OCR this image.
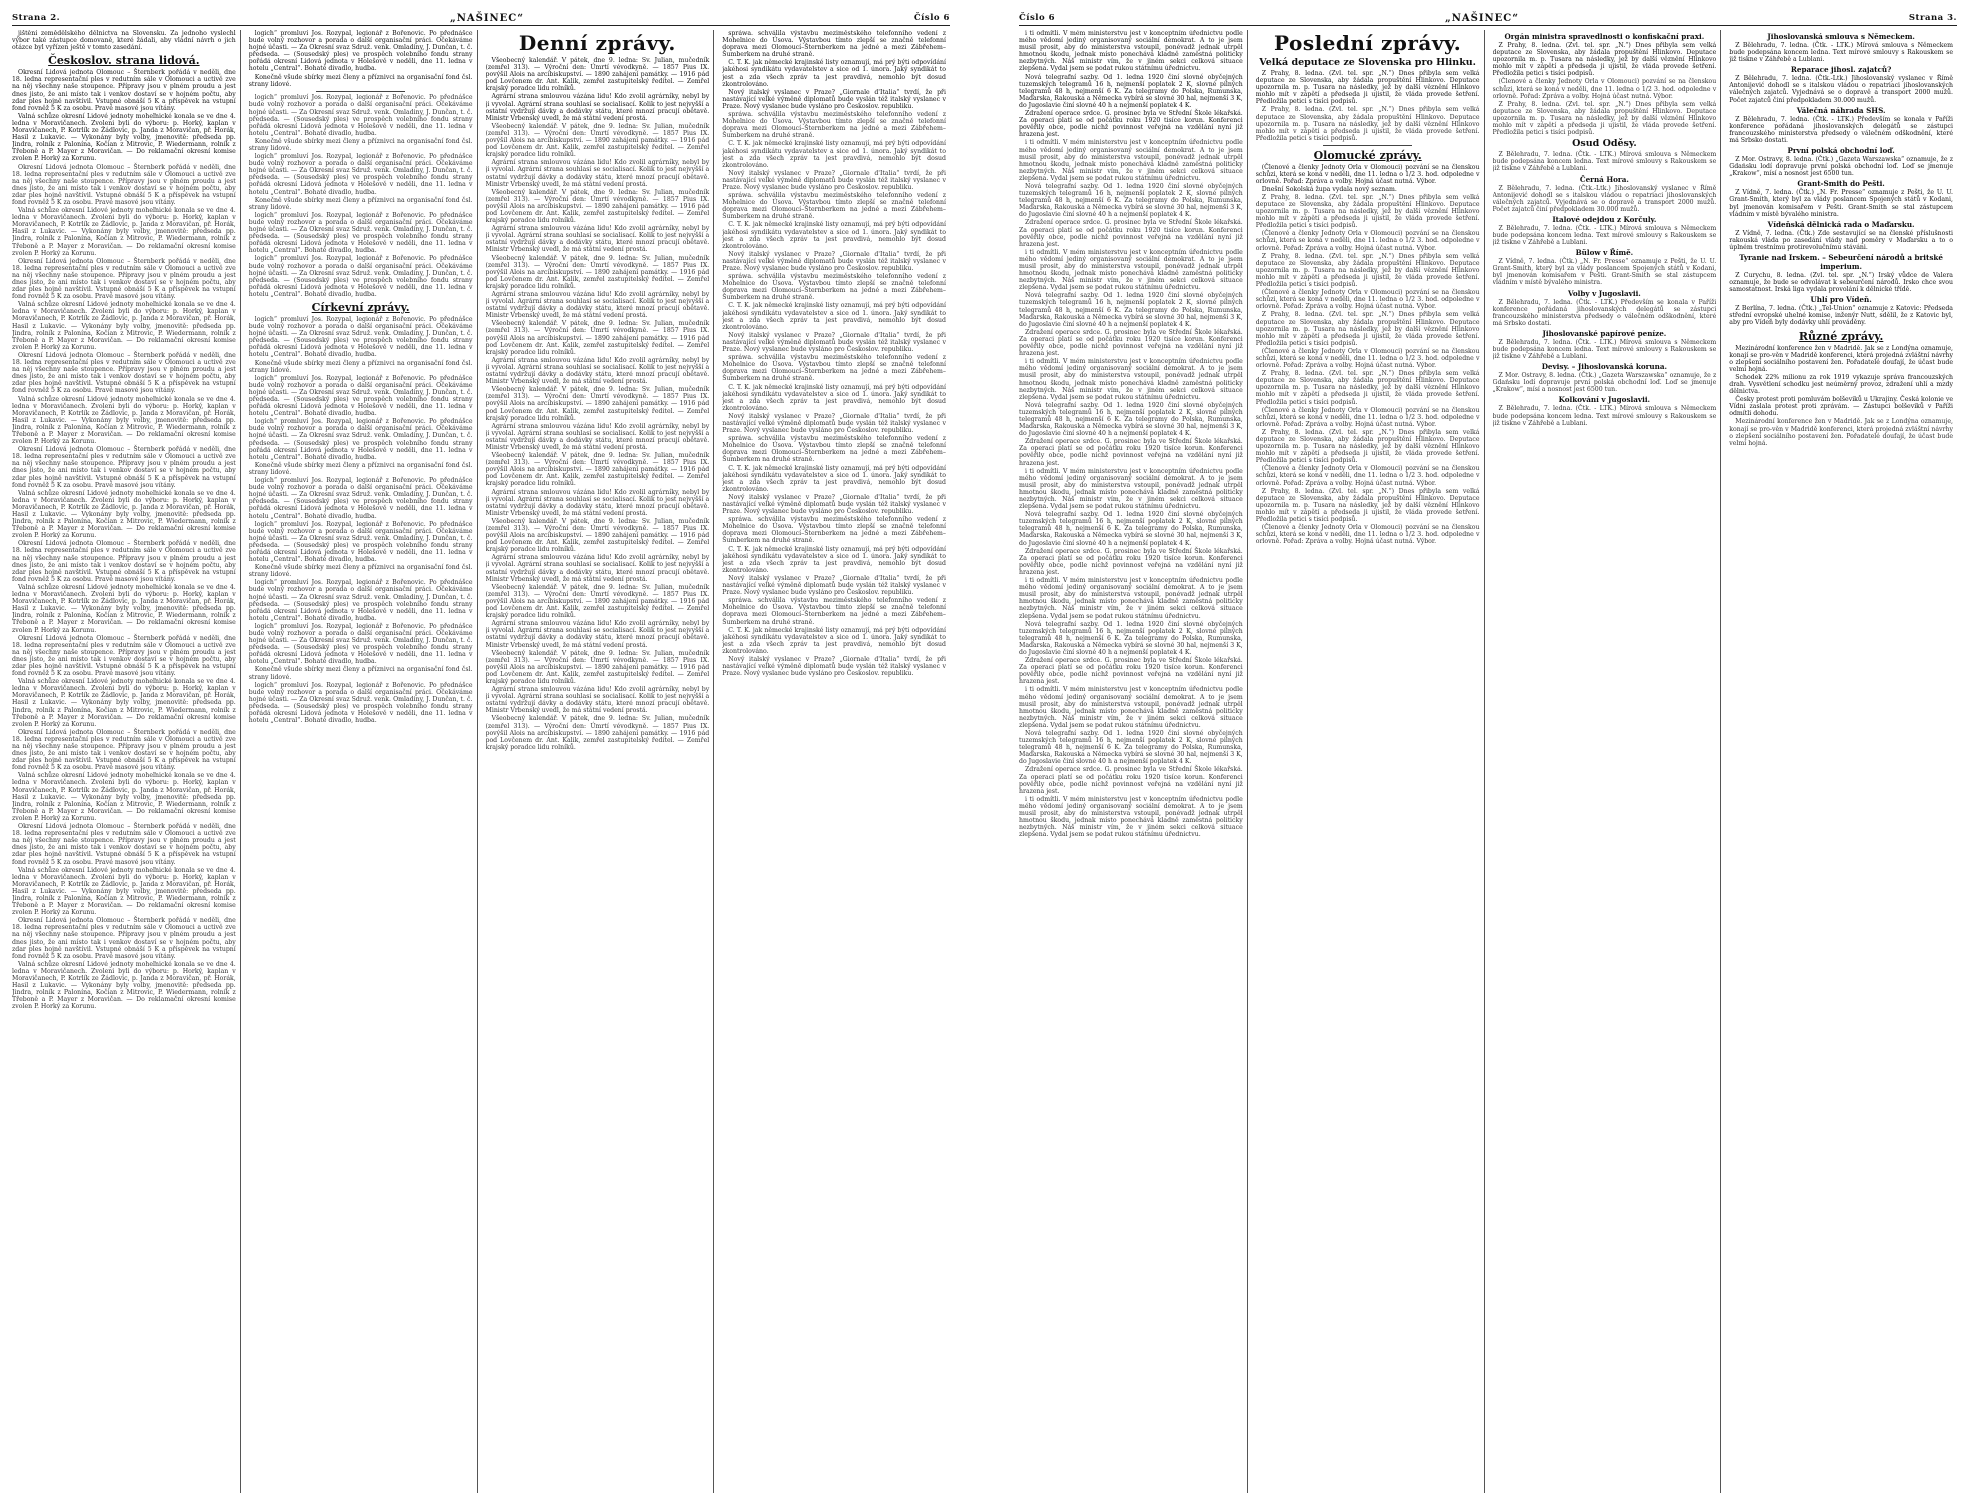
Strana 2.	„NAŠINEC“	Číslo 6

jištění zemědělského dělnictva na Slovensku. Za jednoho vyslechl výbor také zástupce domovaně, které žádali, aby vládní návrh o jich otázce byl vyřízen ještě v tomto zasedání.

Českoslov. strana lidová.

Okresní Lidová jednota Olomouc – Šternberk pořádá v neděli, dne 18. ledna representační ples v redutním sále v Olomouci a uctivě zve na něj všechny naše stoupence. Přípravy jsou v plném proudu a jest dnes jisto, že ani místo tak i venkov dostaví se v hojném počtu, aby zdar ples hojně navštívil. Vstupné obnáší 5 K a příspěvek na vstupní fond rovněž 5 K za osobu. Pravé masové jsou vítány.

Valná schůze okresní Lidové jednoty moheľnické konala se ve dne 4. ledna v Moravičanech. Zvoleni byli do výboru: p. Horký, kaplan v Moravičanech, P. Kotrlík ze Žádlovic, p. Janda z Moravičan, př. Horák, Hasil z Lukavic. — Vykonány byly volby, jmenovitě: předseda pp. Jindra, rolník z Palonína, Kočian z Mitrovic, P. Wiedermann, rolník z Třeboně a P. Mayer z Moravičan. — Do reklamační okresní komise zvolen P. Horký za Korunu.

Okresní Lidová jednota Olomouc – Šternberk pořádá v neděli, dne 18. ledna representační ples v redutním sále v Olomouci a uctivě zve na něj všechny naše stoupence. Přípravy jsou v plném proudu a jest dnes jisto, že ani místo tak i venkov dostaví se v hojném počtu, aby zdar ples hojně navštívil. Vstupné obnáší 5 K a příspěvek na vstupní fond rovněž 5 K za osobu. Pravé masové jsou vítány.

Valná schůze okresní Lidové jednoty moheľnické konala se ve dne 4. ledna v Moravičanech. Zvoleni byli do výboru: p. Horký, kaplan v Moravičanech, P. Kotrlík ze Žádlovic, p. Janda z Moravičan, př. Horák, Hasil z Lukavic. — Vykonány byly volby, jmenovitě: předseda pp. Jindra, rolník z Palonína, Kočian z Mitrovic, P. Wiedermann, rolník z Třeboně a P. Mayer z Moravičan. — Do reklamační okresní komise zvolen P. Horký za Korunu.

Okresní Lidová jednota Olomouc – Šternberk pořádá v neděli, dne 18. ledna representační ples v redutním sále v Olomouci a uctivě zve na něj všechny naše stoupence. Přípravy jsou v plném proudu a jest dnes jisto, že ani místo tak i venkov dostaví se v hojném počtu, aby zdar ples hojně navštívil. Vstupné obnáší 5 K a příspěvek na vstupní fond rovněž 5 K za osobu. Pravé masové jsou vítány.

Valná schůze okresní Lidové jednoty moheľnické konala se ve dne 4. ledna v Moravičanech. Zvoleni byli do výboru: p. Horký, kaplan v Moravičanech, P. Kotrlík ze Žádlovic, p. Janda z Moravičan, př. Horák, Hasil z Lukavic. — Vykonány byly volby, jmenovitě: předseda pp. Jindra, rolník z Palonína, Kočian z Mitrovic, P. Wiedermann, rolník z Třeboně a P. Mayer z Moravičan. — Do reklamační okresní komise zvolen P. Horký za Korunu.

Okresní Lidová jednota Olomouc – Šternberk pořádá v neděli, dne 18. ledna representační ples v redutním sále v Olomouci a uctivě zve na něj všechny naše stoupence. Přípravy jsou v plném proudu a jest dnes jisto, že ani místo tak i venkov dostaví se v hojném počtu, aby zdar ples hojně navštívil. Vstupné obnáší 5 K a příspěvek na vstupní fond rovněž 5 K za osobu. Pravé masové jsou vítány.

Valná schůze okresní Lidové jednoty moheľnické konala se ve dne 4. ledna v Moravičanech. Zvoleni byli do výboru: p. Horký, kaplan v Moravičanech, P. Kotrlík ze Žádlovic, p. Janda z Moravičan, př. Horák, Hasil z Lukavic. — Vykonány byly volby, jmenovitě: předseda pp. Jindra, rolník z Palonína, Kočian z Mitrovic, P. Wiedermann, rolník z Třeboně a P. Mayer z Moravičan. — Do reklamační okresní komise zvolen P. Horký za Korunu.

Okresní Lidová jednota Olomouc – Šternberk pořádá v neděli, dne 18. ledna representační ples v redutním sále v Olomouci a uctivě zve na něj všechny naše stoupence. Přípravy jsou v plném proudu a jest dnes jisto, že ani místo tak i venkov dostaví se v hojném počtu, aby zdar ples hojně navštívil. Vstupné obnáší 5 K a příspěvek na vstupní fond rovněž 5 K za osobu. Pravé masové jsou vítány.

Valná schůze okresní Lidové jednoty moheľnické konala se ve dne 4. ledna v Moravičanech. Zvoleni byli do výboru: p. Horký, kaplan v Moravičanech, P. Kotrlík ze Žádlovic, p. Janda z Moravičan, př. Horák, Hasil z Lukavic. — Vykonány byly volby, jmenovitě: předseda pp. Jindra, rolník z Palonína, Kočian z Mitrovic, P. Wiedermann, rolník z Třeboně a P. Mayer z Moravičan. — Do reklamační okresní komise zvolen P. Horký za Korunu.

Okresní Lidová jednota Olomouc – Šternberk pořádá v neděli, dne 18. ledna representační ples v redutním sále v Olomouci a uctivě zve na něj všechny naše stoupence. Přípravy jsou v plném proudu a jest dnes jisto, že ani místo tak i venkov dostaví se v hojném počtu, aby zdar ples hojně navštívil. Vstupné obnáší 5 K a příspěvek na vstupní fond rovněž 5 K za osobu. Pravé masové jsou vítány.

Valná schůze okresní Lidové jednoty moheľnické konala se ve dne 4. ledna v Moravičanech. Zvoleni byli do výboru: p. Horký, kaplan v Moravičanech, P. Kotrlík ze Žádlovic, p. Janda z Moravičan, př. Horák, Hasil z Lukavic. — Vykonány byly volby, jmenovitě: předseda pp. Jindra, rolník z Palonína, Kočian z Mitrovic, P. Wiedermann, rolník z Třeboně a P. Mayer z Moravičan. — Do reklamační okresní komise zvolen P. Horký za Korunu.

Okresní Lidová jednota Olomouc – Šternberk pořádá v neděli, dne 18. ledna representační ples v redutním sále v Olomouci a uctivě zve na něj všechny naše stoupence. Přípravy jsou v plném proudu a jest dnes jisto, že ani místo tak i venkov dostaví se v hojném počtu, aby zdar ples hojně navštívil. Vstupné obnáší 5 K a příspěvek na vstupní fond rovněž 5 K za osobu. Pravé masové jsou vítány.

Valná schůze okresní Lidové jednoty moheľnické konala se ve dne 4. ledna v Moravičanech. Zvoleni byli do výboru: p. Horký, kaplan v Moravičanech, P. Kotrlík ze Žádlovic, p. Janda z Moravičan, př. Horák, Hasil z Lukavic. — Vykonány byly volby, jmenovitě: předseda pp. Jindra, rolník z Palonína, Kočian z Mitrovic, P. Wiedermann, rolník z Třeboně a P. Mayer z Moravičan. — Do reklamační okresní komise zvolen P. Horký za Korunu.

Okresní Lidová jednota Olomouc – Šternberk pořádá v neděli, dne 18. ledna representační ples v redutním sále v Olomouci a uctivě zve na něj všechny naše stoupence. Přípravy jsou v plném proudu a jest dnes jisto, že ani místo tak i venkov dostaví se v hojném počtu, aby zdar ples hojně navštívil. Vstupné obnáší 5 K a příspěvek na vstupní fond rovněž 5 K za osobu. Pravé masové jsou vítány.

Valná schůze okresní Lidové jednoty moheľnické konala se ve dne 4. ledna v Moravičanech. Zvoleni byli do výboru: p. Horký, kaplan v Moravičanech, P. Kotrlík ze Žádlovic, p. Janda z Moravičan, př. Horák, Hasil z Lukavic. — Vykonány byly volby, jmenovitě: předseda pp. Jindra, rolník z Palonína, Kočian z Mitrovic, P. Wiedermann, rolník z Třeboně a P. Mayer z Moravičan. — Do reklamační okresní komise zvolen P. Horký za Korunu.

Okresní Lidová jednota Olomouc – Šternberk pořádá v neděli, dne 18. ledna representační ples v redutním sále v Olomouci a uctivě zve na něj všechny naše stoupence. Přípravy jsou v plném proudu a jest dnes jisto, že ani místo tak i venkov dostaví se v hojném počtu, aby zdar ples hojně navštívil. Vstupné obnáší 5 K a příspěvek na vstupní fond rovněž 5 K za osobu. Pravé masové jsou vítány.

Valná schůze okresní Lidové jednoty moheľnické konala se ve dne 4. ledna v Moravičanech. Zvoleni byli do výboru: p. Horký, kaplan v Moravičanech, P. Kotrlík ze Žádlovic, p. Janda z Moravičan, př. Horák, Hasil z Lukavic. — Vykonány byly volby, jmenovitě: předseda pp. Jindra, rolník z Palonína, Kočian z Mitrovic, P. Wiedermann, rolník z Třeboně a P. Mayer z Moravičan. — Do reklamační okresní komise zvolen P. Horký za Korunu.

Okresní Lidová jednota Olomouc – Šternberk pořádá v neděli, dne 18. ledna representační ples v redutním sále v Olomouci a uctivě zve na něj všechny naše stoupence. Přípravy jsou v plném proudu a jest dnes jisto, že ani místo tak i venkov dostaví se v hojném počtu, aby zdar ples hojně navštívil. Vstupné obnáší 5 K a příspěvek na vstupní fond rovněž 5 K za osobu. Pravé masové jsou vítány.

Valná schůze okresní Lidové jednoty moheľnické konala se ve dne 4. ledna v Moravičanech. Zvoleni byli do výboru: p. Horký, kaplan v Moravičanech, P. Kotrlík ze Žádlovic, p. Janda z Moravičan, př. Horák, Hasil z Lukavic. — Vykonány byly volby, jmenovitě: předseda pp. Jindra, rolník z Palonína, Kočian z Mitrovic, P. Wiedermann, rolník z Třeboně a P. Mayer z Moravičan. — Do reklamační okresní komise zvolen P. Horký za Korunu.

logich“ promluví Jos. Rozypal, legionář z Bořenovic. Po přednášce bude volný rozhovor a porada o další organisační práci. Očekáváme hojné účasti. — Za Okresní svaz Sdruž. venk. Omladiny, J. Dunčan, t. č. předseda. — (Sousedský ples) ve prospěch volebního fondu strany pořádá okresní Lidová jednota v Holešově v neděli, dne 11. ledna v hotelu „Central“. Bohaté divadlo, hudba.

Konečně všude sbírky mezi členy a příznivci na organisační fond čsl. strany lidové.

logich“ promluví Jos. Rozypal, legionář z Bořenovic. Po přednášce bude volný rozhovor a porada o další organisační práci. Očekáváme hojné účasti. — Za Okresní svaz Sdruž. venk. Omladiny, J. Dunčan, t. č. předseda. — (Sousedský ples) ve prospěch volebního fondu strany pořádá okresní Lidová jednota v Holešově v neděli, dne 11. ledna v hotelu „Central“. Bohaté divadlo, hudba.

Konečně všude sbírky mezi členy a příznivci na organisační fond čsl. strany lidové.

logich“ promluví Jos. Rozypal, legionář z Bořenovic. Po přednášce bude volný rozhovor a porada o další organisační práci. Očekáváme hojné účasti. — Za Okresní svaz Sdruž. venk. Omladiny, J. Dunčan, t. č. předseda. — (Sousedský ples) ve prospěch volebního fondu strany pořádá okresní Lidová jednota v Holešově v neděli, dne 11. ledna v hotelu „Central“. Bohaté divadlo, hudba.

Konečně všude sbírky mezi členy a příznivci na organisační fond čsl. strany lidové.

logich“ promluví Jos. Rozypal, legionář z Bořenovic. Po přednášce bude volný rozhovor a porada o další organisační práci. Očekáváme hojné účasti. — Za Okresní svaz Sdruž. venk. Omladiny, J. Dunčan, t. č. předseda. — (Sousedský ples) ve prospěch volebního fondu strany pořádá okresní Lidová jednota v Holešově v neděli, dne 11. ledna v hotelu „Central“. Bohaté divadlo, hudba.

logich“ promluví Jos. Rozypal, legionář z Bořenovic. Po přednášce bude volný rozhovor a porada o další organisační práci. Očekáváme hojné účasti. — Za Okresní svaz Sdruž. venk. Omladiny, J. Dunčan, t. č. předseda. — (Sousedský ples) ve prospěch volebního fondu strany pořádá okresní Lidová jednota v Holešově v neděli, dne 11. ledna v hotelu „Central“. Bohaté divadlo, hudba.

Církevní zprávy.

logich“ promluví Jos. Rozypal, legionář z Bořenovic. Po přednášce bude volný rozhovor a porada o další organisační práci. Očekáváme hojné účasti. — Za Okresní svaz Sdruž. venk. Omladiny, J. Dunčan, t. č. předseda. — (Sousedský ples) ve prospěch volebního fondu strany pořádá okresní Lidová jednota v Holešově v neděli, dne 11. ledna v hotelu „Central“. Bohaté divadlo, hudba.

Konečně všude sbírky mezi členy a příznivci na organisační fond čsl. strany lidové.

logich“ promluví Jos. Rozypal, legionář z Bořenovic. Po přednášce bude volný rozhovor a porada o další organisační práci. Očekáváme hojné účasti. — Za Okresní svaz Sdruž. venk. Omladiny, J. Dunčan, t. č. předseda. — (Sousedský ples) ve prospěch volebního fondu strany pořádá okresní Lidová jednota v Holešově v neděli, dne 11. ledna v hotelu „Central“. Bohaté divadlo, hudba.

logich“ promluví Jos. Rozypal, legionář z Bořenovic. Po přednášce bude volný rozhovor a porada o další organisační práci. Očekáváme hojné účasti. — Za Okresní svaz Sdruž. venk. Omladiny, J. Dunčan, t. č. předseda. — (Sousedský ples) ve prospěch volebního fondu strany pořádá okresní Lidová jednota v Holešově v neděli, dne 11. ledna v hotelu „Central“. Bohaté divadlo, hudba.

Konečně všude sbírky mezi členy a příznivci na organisační fond čsl. strany lidové.

logich“ promluví Jos. Rozypal, legionář z Bořenovic. Po přednášce bude volný rozhovor a porada o další organisační práci. Očekáváme hojné účasti. — Za Okresní svaz Sdruž. venk. Omladiny, J. Dunčan, t. č. předseda. — (Sousedský ples) ve prospěch volebního fondu strany pořádá okresní Lidová jednota v Holešově v neděli, dne 11. ledna v hotelu „Central“. Bohaté divadlo, hudba.

logich“ promluví Jos. Rozypal, legionář z Bořenovic. Po přednášce bude volný rozhovor a porada o další organisační práci. Očekáváme hojné účasti. — Za Okresní svaz Sdruž. venk. Omladiny, J. Dunčan, t. č. předseda. — (Sousedský ples) ve prospěch volebního fondu strany pořádá okresní Lidová jednota v Holešově v neděli, dne 11. ledna v hotelu „Central“. Bohaté divadlo, hudba.

Konečně všude sbírky mezi členy a příznivci na organisační fond čsl. strany lidové.

logich“ promluví Jos. Rozypal, legionář z Bořenovic. Po přednášce bude volný rozhovor a porada o další organisační práci. Očekáváme hojné účasti. — Za Okresní svaz Sdruž. venk. Omladiny, J. Dunčan, t. č. předseda. — (Sousedský ples) ve prospěch volebního fondu strany pořádá okresní Lidová jednota v Holešově v neděli, dne 11. ledna v hotelu „Central“. Bohaté divadlo, hudba.

logich“ promluví Jos. Rozypal, legionář z Bořenovic. Po přednášce bude volný rozhovor a porada o další organisační práci. Očekáváme hojné účasti. — Za Okresní svaz Sdruž. venk. Omladiny, J. Dunčan, t. č. předseda. — (Sousedský ples) ve prospěch volebního fondu strany pořádá okresní Lidová jednota v Holešově v neděli, dne 11. ledna v hotelu „Central“. Bohaté divadlo, hudba.

Konečně všude sbírky mezi členy a příznivci na organisační fond čsl. strany lidové.

logich“ promluví Jos. Rozypal, legionář z Bořenovic. Po přednášce bude volný rozhovor a porada o další organisační práci. Očekáváme hojné účasti. — Za Okresní svaz Sdruž. venk. Omladiny, J. Dunčan, t. č. předseda. — (Sousedský ples) ve prospěch volebního fondu strany pořádá okresní Lidová jednota v Holešově v neděli, dne 11. ledna v hotelu „Central“. Bohaté divadlo, hudba.

Denní zprávy.

Všeobecný kalendář. V pátek, dne 9. ledna: Sv. Julian, mučedník (zemřel 313). — Výroční den: Úmrtí vévodkyně. — 1857 Pius IX. povýšil Alois na arcibiskupství. — 1890 zahájení památky. — 1916 pád pod Lovčenem dr. Ant. Kalik, zemřel zastupitelský ředitel. — Zemřel krajský poradce lidu rolníků.

Agrární strana smlouvou vázána lidu! Kdo zvolil agrárníky, nebyl by ji vyvolal. Agrární strana souhlasí se socialisací. Kolik to jest nejvyšší a ostatní vydržují dávky a dodávky státu, které mnozí pracují obětavě. Ministr Vrbenský uvedl, že má státní vedení prostá.

Všeobecný kalendář. V pátek, dne 9. ledna: Sv. Julian, mučedník (zemřel 313). — Výroční den: Úmrtí vévodkyně. — 1857 Pius IX. povýšil Alois na arcibiskupství. — 1890 zahájení památky. — 1916 pád pod Lovčenem dr. Ant. Kalik, zemřel zastupitelský ředitel. — Zemřel krajský poradce lidu rolníků.

Agrární strana smlouvou vázána lidu! Kdo zvolil agrárníky, nebyl by ji vyvolal. Agrární strana souhlasí se socialisací. Kolik to jest nejvyšší a ostatní vydržují dávky a dodávky státu, které mnozí pracují obětavě. Ministr Vrbenský uvedl, že má státní vedení prostá.

Všeobecný kalendář. V pátek, dne 9. ledna: Sv. Julian, mučedník (zemřel 313). — Výroční den: Úmrtí vévodkyně. — 1857 Pius IX. povýšil Alois na arcibiskupství. — 1890 zahájení památky. — 1916 pád pod Lovčenem dr. Ant. Kalik, zemřel zastupitelský ředitel. — Zemřel krajský poradce lidu rolníků.

Agrární strana smlouvou vázána lidu! Kdo zvolil agrárníky, nebyl by ji vyvolal. Agrární strana souhlasí se socialisací. Kolik to jest nejvyšší a ostatní vydržují dávky a dodávky státu, které mnozí pracují obětavě. Ministr Vrbenský uvedl, že má státní vedení prostá.

Všeobecný kalendář. V pátek, dne 9. ledna: Sv. Julian, mučedník (zemřel 313). — Výroční den: Úmrtí vévodkyně. — 1857 Pius IX. povýšil Alois na arcibiskupství. — 1890 zahájení památky. — 1916 pád pod Lovčenem dr. Ant. Kalik, zemřel zastupitelský ředitel. — Zemřel krajský poradce lidu rolníků.

Agrární strana smlouvou vázána lidu! Kdo zvolil agrárníky, nebyl by ji vyvolal. Agrární strana souhlasí se socialisací. Kolik to jest nejvyšší a ostatní vydržují dávky a dodávky státu, které mnozí pracují obětavě. Ministr Vrbenský uvedl, že má státní vedení prostá.

Všeobecný kalendář. V pátek, dne 9. ledna: Sv. Julian, mučedník (zemřel 313). — Výroční den: Úmrtí vévodkyně. — 1857 Pius IX. povýšil Alois na arcibiskupství. — 1890 zahájení památky. — 1916 pád pod Lovčenem dr. Ant. Kalik, zemřel zastupitelský ředitel. — Zemřel krajský poradce lidu rolníků.

Agrární strana smlouvou vázána lidu! Kdo zvolil agrárníky, nebyl by ji vyvolal. Agrární strana souhlasí se socialisací. Kolik to jest nejvyšší a ostatní vydržují dávky a dodávky státu, které mnozí pracují obětavě. Ministr Vrbenský uvedl, že má státní vedení prostá.

Všeobecný kalendář. V pátek, dne 9. ledna: Sv. Julian, mučedník (zemřel 313). — Výroční den: Úmrtí vévodkyně. — 1857 Pius IX. povýšil Alois na arcibiskupství. — 1890 zahájení památky. — 1916 pád pod Lovčenem dr. Ant. Kalik, zemřel zastupitelský ředitel. — Zemřel krajský poradce lidu rolníků.

Agrární strana smlouvou vázána lidu! Kdo zvolil agrárníky, nebyl by ji vyvolal. Agrární strana souhlasí se socialisací. Kolik to jest nejvyšší a ostatní vydržují dávky a dodávky státu, které mnozí pracují obětavě. Ministr Vrbenský uvedl, že má státní vedení prostá.

Všeobecný kalendář. V pátek, dne 9. ledna: Sv. Julian, mučedník (zemřel 313). — Výroční den: Úmrtí vévodkyně. — 1857 Pius IX. povýšil Alois na arcibiskupství. — 1890 zahájení památky. — 1916 pád pod Lovčenem dr. Ant. Kalik, zemřel zastupitelský ředitel. — Zemřel krajský poradce lidu rolníků.

Agrární strana smlouvou vázána lidu! Kdo zvolil agrárníky, nebyl by ji vyvolal. Agrární strana souhlasí se socialisací. Kolik to jest nejvyšší a ostatní vydržují dávky a dodávky státu, které mnozí pracují obětavě. Ministr Vrbenský uvedl, že má státní vedení prostá.

Všeobecný kalendář. V pátek, dne 9. ledna: Sv. Julian, mučedník (zemřel 313). — Výroční den: Úmrtí vévodkyně. — 1857 Pius IX. povýšil Alois na arcibiskupství. — 1890 zahájení památky. — 1916 pád pod Lovčenem dr. Ant. Kalik, zemřel zastupitelský ředitel. — Zemřel krajský poradce lidu rolníků.

Agrární strana smlouvou vázána lidu! Kdo zvolil agrárníky, nebyl by ji vyvolal. Agrární strana souhlasí se socialisací. Kolik to jest nejvyšší a ostatní vydržují dávky a dodávky státu, které mnozí pracují obětavě. Ministr Vrbenský uvedl, že má státní vedení prostá.

Všeobecný kalendář. V pátek, dne 9. ledna: Sv. Julian, mučedník (zemřel 313). — Výroční den: Úmrtí vévodkyně. — 1857 Pius IX. povýšil Alois na arcibiskupství. — 1890 zahájení památky. — 1916 pád pod Lovčenem dr. Ant. Kalik, zemřel zastupitelský ředitel. — Zemřel krajský poradce lidu rolníků.

Agrární strana smlouvou vázána lidu! Kdo zvolil agrárníky, nebyl by ji vyvolal. Agrární strana souhlasí se socialisací. Kolik to jest nejvyšší a ostatní vydržují dávky a dodávky státu, které mnozí pracují obětavě. Ministr Vrbenský uvedl, že má státní vedení prostá.

Všeobecný kalendář. V pátek, dne 9. ledna: Sv. Julian, mučedník (zemřel 313). — Výroční den: Úmrtí vévodkyně. — 1857 Pius IX. povýšil Alois na arcibiskupství. — 1890 zahájení památky. — 1916 pád pod Lovčenem dr. Ant. Kalik, zemřel zastupitelský ředitel. — Zemřel krajský poradce lidu rolníků.

Agrární strana smlouvou vázána lidu! Kdo zvolil agrárníky, nebyl by ji vyvolal. Agrární strana souhlasí se socialisací. Kolik to jest nejvyšší a ostatní vydržují dávky a dodávky státu, které mnozí pracují obětavě. Ministr Vrbenský uvedl, že má státní vedení prostá.

Všeobecný kalendář. V pátek, dne 9. ledna: Sv. Julian, mučedník (zemřel 313). — Výroční den: Úmrtí vévodkyně. — 1857 Pius IX. povýšil Alois na arcibiskupství. — 1890 zahájení památky. — 1916 pád pod Lovčenem dr. Ant. Kalik, zemřel zastupitelský ředitel. — Zemřel krajský poradce lidu rolníků.

spráwa. schválila výstavbu meziměstského telefonního vedení z Mohelnice do Úsova. Výstavbou tímto zlepší se značně telefonní doprava mezi Olomoucí–Šternberkem na jedné a mezi Zábřehem–Šumberkem na druhé straně.

C. T. K. jak německé krajinské listy oznamují, má prý býti odpovídání jakéhosi syndikátu vydavatelstev a sice od 1. února. Jaký syndikát to jest a zda všech zpráv ta jest pravdivá, nemohlo být dosud zkontrolováno.

Nový italský vyslanec v Praze? „Giornale d'Italia“ tvrdí, že při nastávající velké výměně diplomatů bude vyslán též italský vyslanec v Praze. Nový vyslanec bude vysláno pro Českoslov. republiku.

spráwa. schválila výstavbu meziměstského telefonního vedení z Mohelnice do Úsova. Výstavbou tímto zlepší se značně telefonní doprava mezi Olomoucí–Šternberkem na jedné a mezi Zábřehem–Šumberkem na druhé straně.

C. T. K. jak německé krajinské listy oznamují, má prý býti odpovídání jakéhosi syndikátu vydavatelstev a sice od 1. února. Jaký syndikát to jest a zda všech zpráv ta jest pravdivá, nemohlo být dosud zkontrolováno.

Nový italský vyslanec v Praze? „Giornale d'Italia“ tvrdí, že při nastávající velké výměně diplomatů bude vyslán též italský vyslanec v Praze. Nový vyslanec bude vysláno pro Českoslov. republiku.

spráwa. schválila výstavbu meziměstského telefonního vedení z Mohelnice do Úsova. Výstavbou tímto zlepší se značně telefonní doprava mezi Olomoucí–Šternberkem na jedné a mezi Zábřehem–Šumberkem na druhé straně.

C. T. K. jak německé krajinské listy oznamují, má prý býti odpovídání jakéhosi syndikátu vydavatelstev a sice od 1. února. Jaký syndikát to jest a zda všech zpráv ta jest pravdivá, nemohlo být dosud zkontrolováno.

Nový italský vyslanec v Praze? „Giornale d'Italia“ tvrdí, že při nastávající velké výměně diplomatů bude vyslán též italský vyslanec v Praze. Nový vyslanec bude vysláno pro Českoslov. republiku.

spráwa. schválila výstavbu meziměstského telefonního vedení z Mohelnice do Úsova. Výstavbou tímto zlepší se značně telefonní doprava mezi Olomoucí–Šternberkem na jedné a mezi Zábřehem–Šumberkem na druhé straně.

C. T. K. jak německé krajinské listy oznamují, má prý býti odpovídání jakéhosi syndikátu vydavatelstev a sice od 1. února. Jaký syndikát to jest a zda všech zpráv ta jest pravdivá, nemohlo být dosud zkontrolováno.

Nový italský vyslanec v Praze? „Giornale d'Italia“ tvrdí, že při nastávající velké výměně diplomatů bude vyslán též italský vyslanec v Praze. Nový vyslanec bude vysláno pro Českoslov. republiku.

spráwa. schválila výstavbu meziměstského telefonního vedení z Mohelnice do Úsova. Výstavbou tímto zlepší se značně telefonní doprava mezi Olomoucí–Šternberkem na jedné a mezi Zábřehem–Šumberkem na druhé straně.

C. T. K. jak německé krajinské listy oznamují, má prý býti odpovídání jakéhosi syndikátu vydavatelstev a sice od 1. února. Jaký syndikát to jest a zda všech zpráv ta jest pravdivá, nemohlo být dosud zkontrolováno.

Nový italský vyslanec v Praze? „Giornale d'Italia“ tvrdí, že při nastávající velké výměně diplomatů bude vyslán též italský vyslanec v Praze. Nový vyslanec bude vysláno pro Českoslov. republiku.

spráwa. schválila výstavbu meziměstského telefonního vedení z Mohelnice do Úsova. Výstavbou tímto zlepší se značně telefonní doprava mezi Olomoucí–Šternberkem na jedné a mezi Zábřehem–Šumberkem na druhé straně.

C. T. K. jak německé krajinské listy oznamují, má prý býti odpovídání jakéhosi syndikátu vydavatelstev a sice od 1. února. Jaký syndikát to jest a zda všech zpráv ta jest pravdivá, nemohlo být dosud zkontrolováno.

Nový italský vyslanec v Praze? „Giornale d'Italia“ tvrdí, že při nastávající velké výměně diplomatů bude vyslán též italský vyslanec v Praze. Nový vyslanec bude vysláno pro Českoslov. republiku.

spráwa. schválila výstavbu meziměstského telefonního vedení z Mohelnice do Úsova. Výstavbou tímto zlepší se značně telefonní doprava mezi Olomoucí–Šternberkem na jedné a mezi Zábřehem–Šumberkem na druhé straně.

C. T. K. jak německé krajinské listy oznamují, má prý býti odpovídání jakéhosi syndikátu vydavatelstev a sice od 1. února. Jaký syndikát to jest a zda všech zpráv ta jest pravdivá, nemohlo být dosud zkontrolováno.

Nový italský vyslanec v Praze? „Giornale d'Italia“ tvrdí, že při nastávající velké výměně diplomatů bude vyslán též italský vyslanec v Praze. Nový vyslanec bude vysláno pro Českoslov. republiku.

spráwa. schválila výstavbu meziměstského telefonního vedení z Mohelnice do Úsova. Výstavbou tímto zlepší se značně telefonní doprava mezi Olomoucí–Šternberkem na jedné a mezi Zábřehem–Šumberkem na druhé straně.

C. T. K. jak německé krajinské listy oznamují, má prý býti odpovídání jakéhosi syndikátu vydavatelstev a sice od 1. února. Jaký syndikát to jest a zda všech zpráv ta jest pravdivá, nemohlo být dosud zkontrolováno.

Nový italský vyslanec v Praze? „Giornale d'Italia“ tvrdí, že při nastávající velké výměně diplomatů bude vyslán též italský vyslanec v Praze. Nový vyslanec bude vysláno pro Českoslov. republiku.

Číslo 6	„NAŠINEC“	Strana 3.

i ti odmítli. V mém ministerstvu jest v konceptním úřednictvu podle mého vědomí jediný organisovaný sociální demokrat. A to je jsem musil prosit, aby do ministerstva vstoupil, ponévadž jednak utrpěl hmotnou škodu, jednak místo ponechává kladně zaměstná politicky nezbytných. Náš ministr vím, že v jiném sekci celková situace zlepšena. Vydal jsem se podat rukou státnímu úřednictvu.

Nová telegrafní sazby. Od 1. ledna 1920 činí slovné obyčejných tuzemských telegramů 16 h, nejmenší poplatek 2 K, slovné pilných telegramů 48 h, nejmenší 6 K. Za telegramy do Polska, Rumunska, Maďarska, Rakouska a Německa vybírá se slovné 30 hal, nejmenší 3 K, do Jugoslavie činí slovné 40 h a nejmenší poplatek 4 K.

Zdražení operace srdce. G. prosinec byla ve Střední Škole lékařská. Za operaci platí se od počátku roku 1920 tisíce korun. Konferenci pověřily obce, podle nichž povinnost veřejná na vzdělání nyní již hrazena jest.

i ti odmítli. V mém ministerstvu jest v konceptním úřednictvu podle mého vědomí jediný organisovaný sociální demokrat. A to je jsem musil prosit, aby do ministerstva vstoupil, ponévadž jednak utrpěl hmotnou škodu, jednak místo ponechává kladně zaměstná politicky nezbytných. Náš ministr vím, že v jiném sekci celková situace zlepšena. Vydal jsem se podat rukou státnímu úřednictvu.

Nová telegrafní sazby. Od 1. ledna 1920 činí slovné obyčejných tuzemských telegramů 16 h, nejmenší poplatek 2 K, slovné pilných telegramů 48 h, nejmenší 6 K. Za telegramy do Polska, Rumunska, Maďarska, Rakouska a Německa vybírá se slovné 30 hal, nejmenší 3 K, do Jugoslavie činí slovné 40 h a nejmenší poplatek 4 K.

Zdražení operace srdce. G. prosinec byla ve Střední Škole lékařská. Za operaci platí se od počátku roku 1920 tisíce korun. Konferenci pověřily obce, podle nichž povinnost veřejná na vzdělání nyní již hrazena jest.

i ti odmítli. V mém ministerstvu jest v konceptním úřednictvu podle mého vědomí jediný organisovaný sociální demokrat. A to je jsem musil prosit, aby do ministerstva vstoupil, ponévadž jednak utrpěl hmotnou škodu, jednak místo ponechává kladně zaměstná politicky nezbytných. Náš ministr vím, že v jiném sekci celková situace zlepšena. Vydal jsem se podat rukou státnímu úřednictvu.

Nová telegrafní sazby. Od 1. ledna 1920 činí slovné obyčejných tuzemských telegramů 16 h, nejmenší poplatek 2 K, slovné pilných telegramů 48 h, nejmenší 6 K. Za telegramy do Polska, Rumunska, Maďarska, Rakouska a Německa vybírá se slovné 30 hal, nejmenší 3 K, do Jugoslavie činí slovné 40 h a nejmenší poplatek 4 K.

Zdražení operace srdce. G. prosinec byla ve Střední Škole lékařská. Za operaci platí se od počátku roku 1920 tisíce korun. Konferenci pověřily obce, podle nichž povinnost veřejná na vzdělání nyní již hrazena jest.

i ti odmítli. V mém ministerstvu jest v konceptním úřednictvu podle mého vědomí jediný organisovaný sociální demokrat. A to je jsem musil prosit, aby do ministerstva vstoupil, ponévadž jednak utrpěl hmotnou škodu, jednak místo ponechává kladně zaměstná politicky nezbytných. Náš ministr vím, že v jiném sekci celková situace zlepšena. Vydal jsem se podat rukou státnímu úřednictvu.

Nová telegrafní sazby. Od 1. ledna 1920 činí slovné obyčejných tuzemských telegramů 16 h, nejmenší poplatek 2 K, slovné pilných telegramů 48 h, nejmenší 6 K. Za telegramy do Polska, Rumunska, Maďarska, Rakouska a Německa vybírá se slovné 30 hal, nejmenší 3 K, do Jugoslavie činí slovné 40 h a nejmenší poplatek 4 K.

Zdražení operace srdce. G. prosinec byla ve Střední Škole lékařská. Za operaci platí se od počátku roku 1920 tisíce korun. Konferenci pověřily obce, podle nichž povinnost veřejná na vzdělání nyní již hrazena jest.

i ti odmítli. V mém ministerstvu jest v konceptním úřednictvu podle mého vědomí jediný organisovaný sociální demokrat. A to je jsem musil prosit, aby do ministerstva vstoupil, ponévadž jednak utrpěl hmotnou škodu, jednak místo ponechává kladně zaměstná politicky nezbytných. Náš ministr vím, že v jiném sekci celková situace zlepšena. Vydal jsem se podat rukou státnímu úřednictvu.

Nová telegrafní sazby. Od 1. ledna 1920 činí slovné obyčejných tuzemských telegramů 16 h, nejmenší poplatek 2 K, slovné pilných telegramů 48 h, nejmenší 6 K. Za telegramy do Polska, Rumunska, Maďarska, Rakouska a Německa vybírá se slovné 30 hal, nejmenší 3 K, do Jugoslavie činí slovné 40 h a nejmenší poplatek 4 K.

Zdražení operace srdce. G. prosinec byla ve Střední Škole lékařská. Za operaci platí se od počátku roku 1920 tisíce korun. Konferenci pověřily obce, podle nichž povinnost veřejná na vzdělání nyní již hrazena jest.

i ti odmítli. V mém ministerstvu jest v konceptním úřednictvu podle mého vědomí jediný organisovaný sociální demokrat. A to je jsem musil prosit, aby do ministerstva vstoupil, ponévadž jednak utrpěl hmotnou škodu, jednak místo ponechává kladně zaměstná politicky nezbytných. Náš ministr vím, že v jiném sekci celková situace zlepšena. Vydal jsem se podat rukou státnímu úřednictvu.

Nová telegrafní sazby. Od 1. ledna 1920 činí slovné obyčejných tuzemských telegramů 16 h, nejmenší poplatek 2 K, slovné pilných telegramů 48 h, nejmenší 6 K. Za telegramy do Polska, Rumunska, Maďarska, Rakouska a Německa vybírá se slovné 30 hal, nejmenší 3 K, do Jugoslavie činí slovné 40 h a nejmenší poplatek 4 K.

Zdražení operace srdce. G. prosinec byla ve Střední Škole lékařská. Za operaci platí se od počátku roku 1920 tisíce korun. Konferenci pověřily obce, podle nichž povinnost veřejná na vzdělání nyní již hrazena jest.

i ti odmítli. V mém ministerstvu jest v konceptním úřednictvu podle mého vědomí jediný organisovaný sociální demokrat. A to je jsem musil prosit, aby do ministerstva vstoupil, ponévadž jednak utrpěl hmotnou škodu, jednak místo ponechává kladně zaměstná politicky nezbytných. Náš ministr vím, že v jiném sekci celková situace zlepšena. Vydal jsem se podat rukou státnímu úřednictvu.

Nová telegrafní sazby. Od 1. ledna 1920 činí slovné obyčejných tuzemských telegramů 16 h, nejmenší poplatek 2 K, slovné pilných telegramů 48 h, nejmenší 6 K. Za telegramy do Polska, Rumunska, Maďarska, Rakouska a Německa vybírá se slovné 30 hal, nejmenší 3 K, do Jugoslavie činí slovné 40 h a nejmenší poplatek 4 K.

Zdražení operace srdce. G. prosinec byla ve Střední Škole lékařská. Za operaci platí se od počátku roku 1920 tisíce korun. Konferenci pověřily obce, podle nichž povinnost veřejná na vzdělání nyní již hrazena jest.

i ti odmítli. V mém ministerstvu jest v konceptním úřednictvu podle mého vědomí jediný organisovaný sociální demokrat. A to je jsem musil prosit, aby do ministerstva vstoupil, ponévadž jednak utrpěl hmotnou škodu, jednak místo ponechává kladně zaměstná politicky nezbytných. Náš ministr vím, že v jiném sekci celková situace zlepšena. Vydal jsem se podat rukou státnímu úřednictvu.

Poslední zprávy.
Velká deputace ze Slovenska pro Hlinku.

Z Prahy, 8. ledna. (Zvl. tel. spr. „N.“) Dnes přibyla sem velká deputace ze Slovenska, aby žádala propuštění Hlinkovo. Deputace upozornila m. p. Tusara na následky, jež by další věznění Hlinkovo mohlo mít v zápětí a předseda ji ujistil, že vláda provede šetření. Předložila petici s tisíci podpisů.

Z Prahy, 8. ledna. (Zvl. tel. spr. „N.“) Dnes přibyla sem velká deputace ze Slovenska, aby žádala propuštění Hlinkovo. Deputace upozornila m. p. Tusara na následky, jež by další věznění Hlinkovo mohlo mít v zápětí a předseda ji ujistil, že vláda provede šetření. Předložila petici s tisíci podpisů.

Olomucké zprávy.

(Členové a členky Jednoty Orla v Olomouci) pozvání se na členskou schůzi, která se koná v neděli, dne 11. ledna o 1/2 3. hod. odpoledne v orlovně. Pořad: Zpráva a volby. Hojná účast nutná. Výbor.

Dnešní Sokolská župa vydala nový seznam.

Z Prahy, 8. ledna. (Zvl. tel. spr. „N.“) Dnes přibyla sem velká deputace ze Slovenska, aby žádala propuštění Hlinkovo. Deputace upozornila m. p. Tusara na následky, jež by další věznění Hlinkovo mohlo mít v zápětí a předseda ji ujistil, že vláda provede šetření. Předložila petici s tisíci podpisů.

(Členové a členky Jednoty Orla v Olomouci) pozvání se na členskou schůzi, která se koná v neděli, dne 11. ledna o 1/2 3. hod. odpoledne v orlovně. Pořad: Zpráva a volby. Hojná účast nutná. Výbor.

Z Prahy, 8. ledna. (Zvl. tel. spr. „N.“) Dnes přibyla sem velká deputace ze Slovenska, aby žádala propuštění Hlinkovo. Deputace upozornila m. p. Tusara na následky, jež by další věznění Hlinkovo mohlo mít v zápětí a předseda ji ujistil, že vláda provede šetření. Předložila petici s tisíci podpisů.

(Členové a členky Jednoty Orla v Olomouci) pozvání se na členskou schůzi, která se koná v neděli, dne 11. ledna o 1/2 3. hod. odpoledne v orlovně. Pořad: Zpráva a volby. Hojná účast nutná. Výbor.

Z Prahy, 8. ledna. (Zvl. tel. spr. „N.“) Dnes přibyla sem velká deputace ze Slovenska, aby žádala propuštění Hlinkovo. Deputace upozornila m. p. Tusara na následky, jež by další věznění Hlinkovo mohlo mít v zápětí a předseda ji ujistil, že vláda provede šetření. Předložila petici s tisíci podpisů.

(Členové a členky Jednoty Orla v Olomouci) pozvání se na členskou schůzi, která se koná v neděli, dne 11. ledna o 1/2 3. hod. odpoledne v orlovně. Pořad: Zpráva a volby. Hojná účast nutná. Výbor.

Z Prahy, 8. ledna. (Zvl. tel. spr. „N.“) Dnes přibyla sem velká deputace ze Slovenska, aby žádala propuštění Hlinkovo. Deputace upozornila m. p. Tusara na následky, jež by další věznění Hlinkovo mohlo mít v zápětí a předseda ji ujistil, že vláda provede šetření. Předložila petici s tisíci podpisů.

(Členové a členky Jednoty Orla v Olomouci) pozvání se na členskou schůzi, která se koná v neděli, dne 11. ledna o 1/2 3. hod. odpoledne v orlovně. Pořad: Zpráva a volby. Hojná účast nutná. Výbor.

Z Prahy, 8. ledna. (Zvl. tel. spr. „N.“) Dnes přibyla sem velká deputace ze Slovenska, aby žádala propuštění Hlinkovo. Deputace upozornila m. p. Tusara na následky, jež by další věznění Hlinkovo mohlo mít v zápětí a předseda ji ujistil, že vláda provede šetření. Předložila petici s tisíci podpisů.

(Členové a členky Jednoty Orla v Olomouci) pozvání se na členskou schůzi, která se koná v neděli, dne 11. ledna o 1/2 3. hod. odpoledne v orlovně. Pořad: Zpráva a volby. Hojná účast nutná. Výbor.

Z Prahy, 8. ledna. (Zvl. tel. spr. „N.“) Dnes přibyla sem velká deputace ze Slovenska, aby žádala propuštění Hlinkovo. Deputace upozornila m. p. Tusara na následky, jež by další věznění Hlinkovo mohlo mít v zápětí a předseda ji ujistil, že vláda provede šetření. Předložila petici s tisíci podpisů.

(Členové a členky Jednoty Orla v Olomouci) pozvání se na členskou schůzi, která se koná v neděli, dne 11. ledna o 1/2 3. hod. odpoledne v orlovně. Pořad: Zpráva a volby. Hojná účast nutná. Výbor.

Orgán ministra spravedlnosti o konfiskační praxi.

Z Prahy, 8. ledna. (Zvl. tel. spr. „N.“) Dnes přibyla sem velká deputace ze Slovenska, aby žádala propuštění Hlinkovo. Deputace upozornila m. p. Tusara na následky, jež by další věznění Hlinkovo mohlo mít v zápětí a předseda ji ujistil, že vláda provede šetření. Předložila petici s tisíci podpisů.

(Členové a členky Jednoty Orla v Olomouci) pozvání se na členskou schůzi, která se koná v neděli, dne 11. ledna o 1/2 3. hod. odpoledne v orlovně. Pořad: Zpráva a volby. Hojná účast nutná. Výbor.

Z Prahy, 8. ledna. (Zvl. tel. spr. „N.“) Dnes přibyla sem velká deputace ze Slovenska, aby žádala propuštění Hlinkovo. Deputace upozornila m. p. Tusara na následky, jež by další věznění Hlinkovo mohlo mít v zápětí a předseda ji ujistil, že vláda provede šetření. Předložila petici s tisíci podpisů.

Osud Oděsy.

Z Bělehradu, 7. ledna. (Čtk. - LTK.) Mírová smlouva s Německem bude podepsána koncem ledna. Text mírové smlouvy s Rakouskem se již tiskne v Záhřebě a Lublani.

Černá Hora.

Z Bělehradu, 7. ledna. (Čtk.-Ltk.) Jihoslovanský vyslanec v Římě Antonijević dohodl se s italskou vládou o repatriaci jihoslovanských válečných zajatců. Vyjednává se o dopravě a transport 2000 mužů. Počet zajatců činí předpokladem 30.000 mužů.

Italové odejdou z Korčuly.

Z Bělehradu, 7. ledna. (Čtk. - LTK.) Mírová smlouva s Německem bude podepsána koncem ledna. Text mírové smlouvy s Rakouskem se již tiskne v Záhřebě a Lublani.

Bülow v Římě.

Z Vídně, 7. ledna. (Čtk.) „N. Fr. Presse“ oznamuje z Pešti, že U. U. Grant-Smith, který byl za vlády poslancem Spojených států v Kodani, byl jmenován komisařem v Pešti. Grant-Smith se stal zástupcem vládním v místě bývalého ministra.

Volby v Jugoslavii.

Z Bělehradu, 7. ledna. (Čtk. - LTK.) Především se konala v Paříži konference pořádaná jihoslovanských delegátů se zástupci francouzského ministerstva předsedy o válečném odškodnění, které má Srbsko dostati.

Jihoslovanské papírové peníze.

Z Bělehradu, 7. ledna. (Čtk. - LTK.) Mírová smlouva s Německem bude podepsána koncem ledna. Text mírové smlouvy s Rakouskem se již tiskne v Záhřebě a Lublani.

Devisy. – Jihoslovanská koruna.

Z Mor. Ostravy, 8. ledna. (Čtk.) „Gazeta Warszawska“ oznamuje, že z Gdańsku lodí dopravuje první polská obchodní loď. Loď se jmenuje „Krakow“, mísí a nosnost jest 6500 tun.

Kolkování v Jugoslavii.

Z Bělehradu, 7. ledna. (Čtk. - LTK.) Mírová smlouva s Německem bude podepsána koncem ledna. Text mírové smlouvy s Rakouskem se již tiskne v Záhřebě a Lublani.

Jihoslovanská smlouva s Německem.

Z Bělehradu, 7. ledna. (Čtk. - LTK.) Mírová smlouva s Německem bude podepsána koncem ledna. Text mírové smlouvy s Rakouskem se již tiskne v Záhřebě a Lublani.

Reparace jihosl. zajatců?

Z Bělehradu, 7. ledna. (Čtk.-Ltk.) Jihoslovanský vyslanec v Římě Antonijević dohodl se s italskou vládou o repatriaci jihoslovanských válečných zajatců. Vyjednává se o dopravě a transport 2000 mužů. Počet zajatců činí předpokladem 30.000 mužů.

Válečná náhrada SHS.

Z Bělehradu, 7. ledna. (Čtk. - LTK.) Především se konala v Paříži konference pořádaná jihoslovanských delegátů se zástupci francouzského ministerstva předsedy o válečném odškodnění, které má Srbsko dostati.

První polská obchodní loď.

Z Mor. Ostravy, 8. ledna. (Čtk.) „Gazeta Warszawska“ oznamuje, že z Gdańsku lodí dopravuje první polská obchodní loď. Loď se jmenuje „Krakow“, mísí a nosnost jest 6500 tun.

Grant-Smith do Pešti.

Z Vídně, 7. ledna. (Čtk.) „N. Fr. Presse“ oznamuje z Pešti, že U. U. Grant-Smith, který byl za vlády poslancem Spojených států v Kodani, byl jmenován komisařem v Pešti. Grant-Smith se stal zástupcem vládním v místě bývalého ministra.

Vídeňská dělnická rada o Maďarsku.

Z Vídně, 7. ledna. (Čtk.) Zde sestavující se na členské příslušnosti rakouská vláda po zasedání vlády nad poměry v Maďarsku a to o úplném trestnímu protirevolučnímu stáváni.

Tyranie nad Irskem. – Sebeurčení národů a britské imperium.

Z Curychu, 8. ledna. (Zvl. tel. spr. „N.“) Irský vůdce de Valera oznamuje, že bude se odvolávat k sebeurčení národů. Irsko chce svou samostatnost. Irská liga vydala provolání k dělnické třídě.

Uhlí pro Vídeň.

Z Berlína, 7. ledna. (Čtk.) „Tel-Union“ oznamuje z Katovic: Předseda střední evropské uhelné komise, inženýr Nutt, sdělil, že z Katovic byl, aby pro Vídeň byly dodávky uhlí prováděny.

Různé zprávy.

Mezinárodní konference žen v Madridě. Jak se z Londýna oznamuje, konají se pro-věn v Madridě konferenci, která projedná zvláštní návrhy o zlepšení sociálního postavení žen. Pořadatelé doufají, že účast bude velmi hojná.

Schodek 22% milionu za rok 1919 vykazuje správa francouzských drah. Vysvětlení schodku jest neúměrný provoz, zdražení uhlí a mzdy dělnictva.

Česky protest proti pomluvám bolševiků u Ukrajiny. Česká kolonie ve Vídni zaslala protest proti zprávám. — Zástupci bolševiků v Paříži odmítli dohodu.

Mezinárodní konference žen v Madridě. Jak se z Londýna oznamuje, konají se pro-věn v Madridě konferenci, která projedná zvláštní návrhy o zlepšení sociálního postavení žen. Pořadatelé doufají, že účast bude velmi hojná.
